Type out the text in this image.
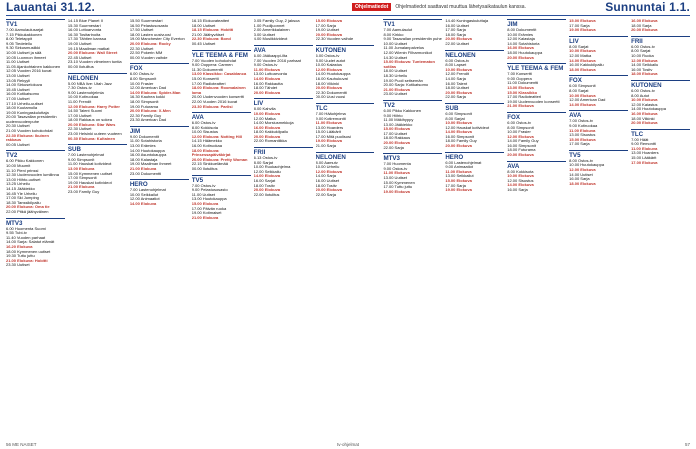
Lauantai 31.12.	Ohjelmatiedot	Ohjelmatiedot saattavat muuttua lähetysaikataulun kanssa.	Sunnuntai 1.1.
TV1
7.00 Aamulaulusarjat
7.15 Pikkukakkonen
8.00 Teletappit
9.05 Tiedetellu
9.30 Sirkusmusiikki
10.00 Uutiset ja sää
10.05 Luonnon ihmeet
11.00 Uutiset
11.05 Ajankohtainen kakkonen
12.05 Vuoden 2016 kuvat
13.00 Uutiset
13.05 Rekyyli
14.00 Sirkuselokuva
15.45 Uutiset
16.00 Kotikatsomo
17.00 Uutiset
17.10 Urheilu-uutiset
18.00 Kuutamolla
19.00 Kuningaskuluttaja
20.00 Tasavallan presidentin uudenvuodenpuhe
20.30 Uutiset
21.00 Vuoden kohokohdat
22.30 Elokuva: Ikuinen rakkaus
00.05 Uutiset
TV2
6.00 Pikku Kakkonen
10.00 Muumit
11.10 Pieni prinssi
12.30 Uudenvuoden lumilinna
13.00 Hiihto-uutiset
13.25 Urheilu
14.15 Jääkiekko
16.45 Yle Urheilu
17.00 Ski Jumping
18.30 Tanssikilpailu
20.00 Elokuva: Oma tie
22.00 Pitkä jäähyväinen
MTV3
6.00 Huomenta Suomi
9.55 Tubi-tv
11.40 Vuoden parhaat
14.00 Sarja: Salatut elämät
16.20 Elokuva
18.00 Kymmenen uutiset
19.30 Tuttu juttu
21.00 Elokuva: Hobitti
23.30 Uutiset
14.15 Blue Planet II
15.30 Suurmestari
16.00 Lottoarvonta
16.30 Tositarinoita
17.30 Tähtien kanssa
19.00 Uutiset
19.15 Maailman matkat
20.00 Elokuva: Wall Street
22.45 Uutiset
23.10 Vuoden viimeinen tuntia
00.00 Ilotulitus
NELONEN
5.00 NBA live: Utah Jazz
7.30 Ostos-tv
9.00 Lastenohjelmia
10.00 Kotiruokaa
11.00 Frendit
12.00 Elokuva: Harry Potter
14.50 Talent Suomi
17.00 Uutiset
18.00 Rakkaus on sokea
20.00 Elokuva: Star Wars
22.30 Uutiset
23.00 Helsinki uuteen vuoteen
00.30 Elokuva: Kultainen
SUB
7.00 Lastenohjelmat
9.00 Simpsonit
11.00 Hauskat kotivideot
13.00 Elokuva
15.00 Kymmenen uutiset
17.00 Simpsonit
19.00 Hauskat kotivideot
21.00 Elokuva
23.00 Family Guy
15.50 Suurmestari
16.50 Pelastusosasto
17.50 Uutiset
18.00 Lasten uusivuosi
19.00 Manchester City Everton
20.00 Elokuva: Rocky
22.30 Uutiset
22.50 Pokerin MM
00.00 Vuoden vaihde
FOX
6.00 Ostos-tv
8.00 Simpsonit
10.00 Frasier
12.00 American Dad
14.00 Elokuva: Spider-Man
16.30 Kauhea kokki
18.00 Simpsonit
19.00 Futurama
20.00 Elokuva: X-Men
22.30 Family Guy
23.30 American Dad
JIM
9.00 Dokumentit
11.00 Sotahistoria
13.00 Erämies
14.00 Huutokauppa
16.00 Asuntokauppa
18.00 Kalastaja
19.00 Maailman ihmeet
21.00 Elokuva
23.00 Dokumentti
HERO
7.00 Lastenohjelmat
10.00 Seikkailut
12.00 Animaatiot
14.00 Elokuva
16.15 Elokuvateatteri
18.00 Uutiset
18.15 Elokuva: Hobitti
21.00 Jäähyväiset
22.30 Elokuva: Bond
00.45 Uutiset
YLE TEEMA & FEM
7.00 Vuoden kohokohdat
9.00 Ooppera: Carmen
11.30 Dokumentti
13.00 Klassikko: Casablanca
15.00 Konsertti
17.00 Radioteatteri
18.00 Elokuva: Roomalainen loma
20.00 Uudenvuoden konsertti
22.00 Vuoden 2016 kuvat
23.30 Elokuva: Pariisi
AVA
6.00 Ostos-tv
8.00 Kokkisota
10.00 Sisustus
12.00 Elokuva: Notting Hill
14.15 Häämekko
16.00 Kotiruokaa
18.00 Elokuva: Prinsessapäiväkirjat
20.00 Elokuva: Pretty Woman
22.15 Sinkkuelämää
00.00 Ilotulitus
TV5
7.00 Ostos-tv
9.00 Pelastusosasto
11.00 Uutiset
13.00 Huutokauppa
15.00 Elokuva
17.00 Päivän ruoka
19.00 Kotimaiset
21.00 Elokuva
0.05 Family Guy, 2 jaksoa
1.00 Puolijuonnet
2.00 Amerikkalainen
3.00 Uutiset
4.00 Musiikkivideot
AVA
6.00 Jääkaappi-ilta
7.00 Vuoden 2016 parhaat
9.00 Ostos-tv
11.00 Elokuva
13.00 Lottoarvonta
14.00 Elokuva
16.00 Rakkautta
18.00 Tähdet
20.00 Elokuva
LIV
8.00 Kahvila
10.00 Elokuva
12.00 Matka
14.00 Morsiusmekkoja
16.00 Elokuva
18.00 Kakkukilpailu
20.00 Elokuva
22.00 Romantiikka
FRII
6.13 Ostos-tv
8.00 Sarjat
10.00 Ruokaohjelma
12.00 Seikkailu
14.00 Elokuva
16.00 Sarjat
18.00 Tositv
20.00 Elokuva
22.00 Ilotulitus
15.00 Elokuva
17.00 Sarja
19.00 Uutiset
20.00 Elokuva
22.30 Vuoden vaihde
KUTONEN
6.00 Ostos-tv
8.00 Uudet autot
10.00 Kalastus
12.00 Elokuva
14.00 Huutokauppa
16.00 Kauhukuvat
18.00 Viikinki
20.00 Elokuva
22.30 Dokumentti
00.00 Uusi vuosi
TLC
7.00 Hääohjelma
9.00 Kotiremontti
11.00 Elokuva
13.00 Hoarders
15.00 Lääkärit
17.00 Mitä puolisosi
19.00 Elokuva
21.00 Sarja
NELONEN
8.00 Aamutv
10.00 Urheilu
12.00 Elokuva
14.00 Sarja
16.00 Uutiset
18.00 Tositv
20.00 Elokuva
22.00 Sarja
TV1
7.00 Aamulaulut
8.00 Kirkko
9.00 Tasavallan presidentin puhe
10.00 Uutiset
11.00 Jumalanpalvelus
12.00 Wienin Filharmonikot
14.30 Uutiset
15.00 Elokuva: Tuntematon sotilas
18.00 Uutiset
18.30 Urheilu
19.00 Puoli seitsemän
20.00 Sarja: Kotikatsomo
21.00 Elokuva
23.00 Uutiset
TV2
6.00 Pikku Kakkonen
9.00 Hiihto
11.00 Mäkihyppy
13.00 Jääkiekko
15.00 Elokuva
17.00 Uutiset
18.00 Rakkaus
20.00 Elokuva
22.00 Sarja
MTV3
7.00 Huomenta
9.00 Ostos-tv
11.00 Elokuva
13.00 Uutiset
15.00 Kymmenen
17.00 Tuttu juttu
19.00 Elokuva
14.40 Kuningaskuluttaja
16.00 Uutiset
17.00 Sarja
18.00 Sarja
20.00 Elokuva
22.00 Uutiset
NELONEN
6.00 Ostos-tv
8.00 Lapset
10.00 Elokuva
12.00 Frendit
14.00 Sarja
16.00 Talent
18.00 Uutiset
20.00 Elokuva
22.00 Sarja
SUB
6.00 Simpsonit
8.00 Sarjat
10.00 Elokuva
12.00 Hauskat kotivideot
14.00 Elokuva
16.00 Simpsonit
18.00 Family Guy
20.00 Elokuva
HERO
6.00 Lastenohjelmat
9.00 Animaatiot
11.00 Elokuva
13.00 Seikkailut
15.00 Elokuva
17.00 Sarja
19.00 Elokuva
JIM
8.00 Dokumentit
10.00 Erämies
12.00 Kalastaja
14.00 Sotahistoria
16.00 Elokuva
18.00 Huutokauppa
20.00 Elokuva
YLE TEEMA & FEM
7.00 Konsertti
9.00 Ooppera
11.00 Dokumentti
13.00 Elokuva
15.00 Klassikko
17.00 Radioteatteri
19.00 Uudenvuoden konsertti
21.00 Elokuva
FOX
6.00 Ostos-tv
8.00 Simpsonit
10.00 Frasier
12.00 Elokuva
14.00 Family Guy
16.00 Simpsonit
18.00 Futurama
20.00 Elokuva
AVA
8.00 Kokkisota
10.00 Elokuva
12.00 Sisustus
14.00 Elokuva
16.00 Sarja
15.00 Elokuva
17.00 Sarja
19.00 Elokuva
LIV
8.00 Sarjat
10.00 Elokuva
12.00 Matka
14.00 Elokuva
16.00 Kakkukilpailu
18.00 Elokuva
FOX
6.00 Simpsonit
8.00 Sarjat
10.00 Elokuva
12.00 American Dad
14.00 Elokuva
AVA
7.00 Ostos-tv
9.00 Kotiruokaa
11.00 Elokuva
13.00 Sisustus
15.00 Elokuva
17.00 Sarja
TV5
8.00 Ostos-tv
10.00 Huutokauppa
12.00 Elokuva
14.00 Uutiset
16.00 Sarja
18.00 Elokuva
16.00 Elokuva
18.00 Sarja
20.00 Elokuva
FRII
6.00 Ostos-tv
8.00 Sarjat
10.00 Ruoka
12.00 Elokuva
14.00 Seikkailu
16.00 Tositv
18.00 Elokuva
KUTONEN
6.00 Ostos-tv
8.00 Autot
10.00 Elokuva
12.00 Kalastus
14.00 Huutokauppa
16.00 Elokuva
18.00 Viikinki
20.00 Elokuva
TLC
7.00 Häät
9.00 Remontti
11.00 Elokuva
13.00 Hoarders
15.00 Lääkärit
17.00 Elokuva
56 ME NAISET	tv-ohjelmat	57
